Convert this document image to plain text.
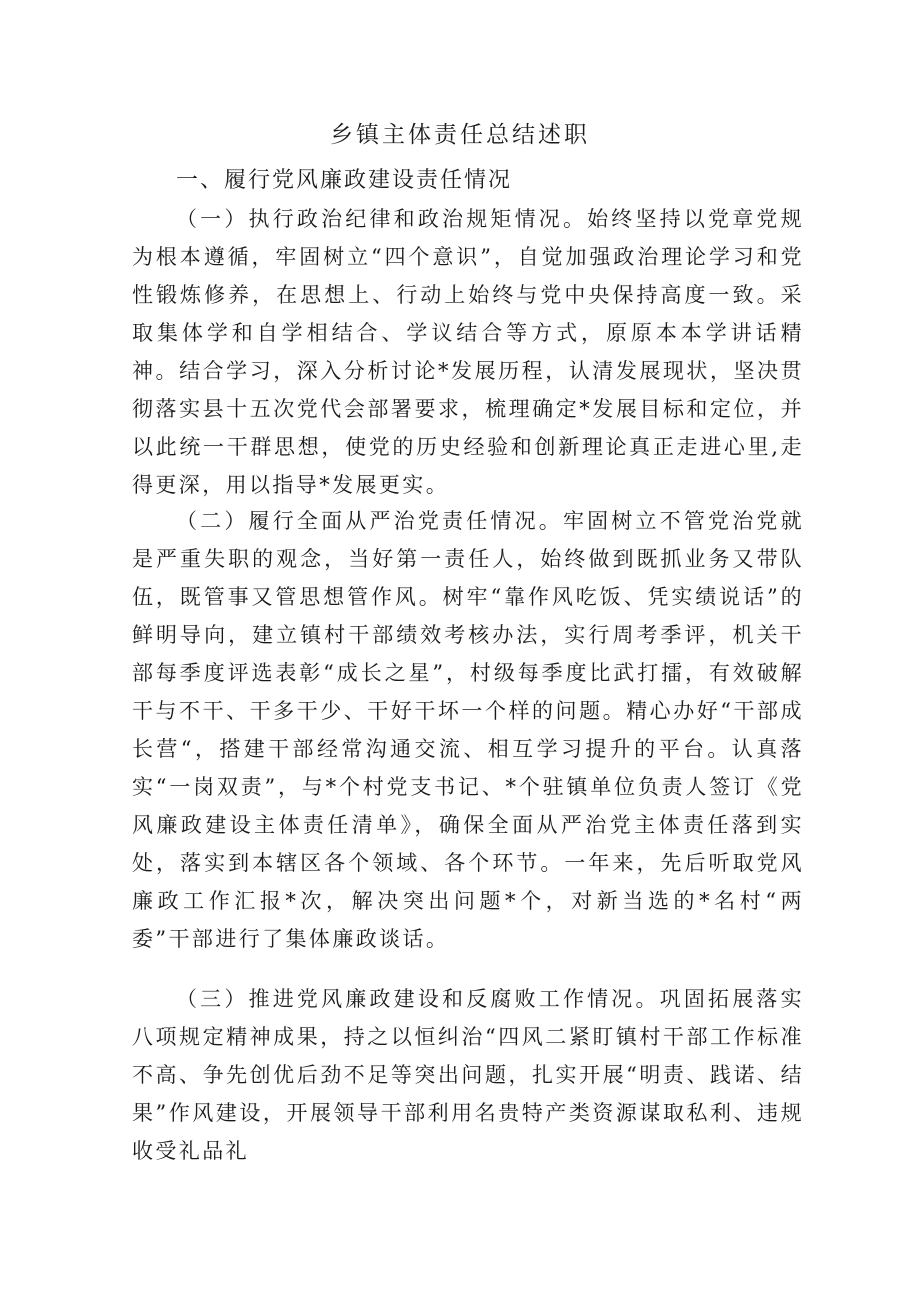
乡镇主体责任总结述职
一、履行党风廉政建设责任情况

（一）执行政治纪律和政治规矩情况。始终坚持以党章党规为根本遵循，牢固树立“四个意识”，自觉加强政治理论学习和党性锻炼修养，在思想上、行动上始终与党中央保持高度一致。采取集体学和自学相结合、学议结合等方式，原原本本学讲话精神。结合学习，深入分析讨论*发展历程，认清发展现状，坚决贯彻落实县十五次党代会部署要求，梳理确定*发展目标和定位，并以此统一干群思想，使党的历史经验和创新理论真正走进心里,走得更深，用以指导*发展更实。

（二）履行全面从严治党责任情况。牢固树立不管党治党就是严重失职的观念，当好第一责任人，始终做到既抓业务又带队伍，既管事又管思想管作风。树牢“靠作风吃饭、凭实绩说话”的鲜明导向，建立镇村干部绩效考核办法，实行周考季评，机关干部每季度评选表彰“成长之星”，村级每季度比武打擂，有效破解干与不干、干多干少、干好干坏一个样的问题。精心办好“干部成长营“，搭建干部经常沟通交流、相互学习提升的平台。认真落实“一岗双责”，与*个村党支书记、*个驻镇单位负责人签订《党风廉政建设主体责任清单》，确保全面从严治党主体责任落到实处，落实到本辖区各个领域、各个环节。一年来，先后听取党风廉政工作汇报*次，解决突出问题*个，对新当选的*名村“两委”干部进行了集体廉政谈话。

（三）推进党风廉政建设和反腐败工作情况。巩固拓展落实八项规定精神成果，持之以恒纠治“四风二紧盯镇村干部工作标准不高、争先创优后劲不足等突出问题，扎实开展“明责、践诺、结果”作风建设，开展领导干部利用名贵特产类资源谋取私利、违规收受礼品礼
